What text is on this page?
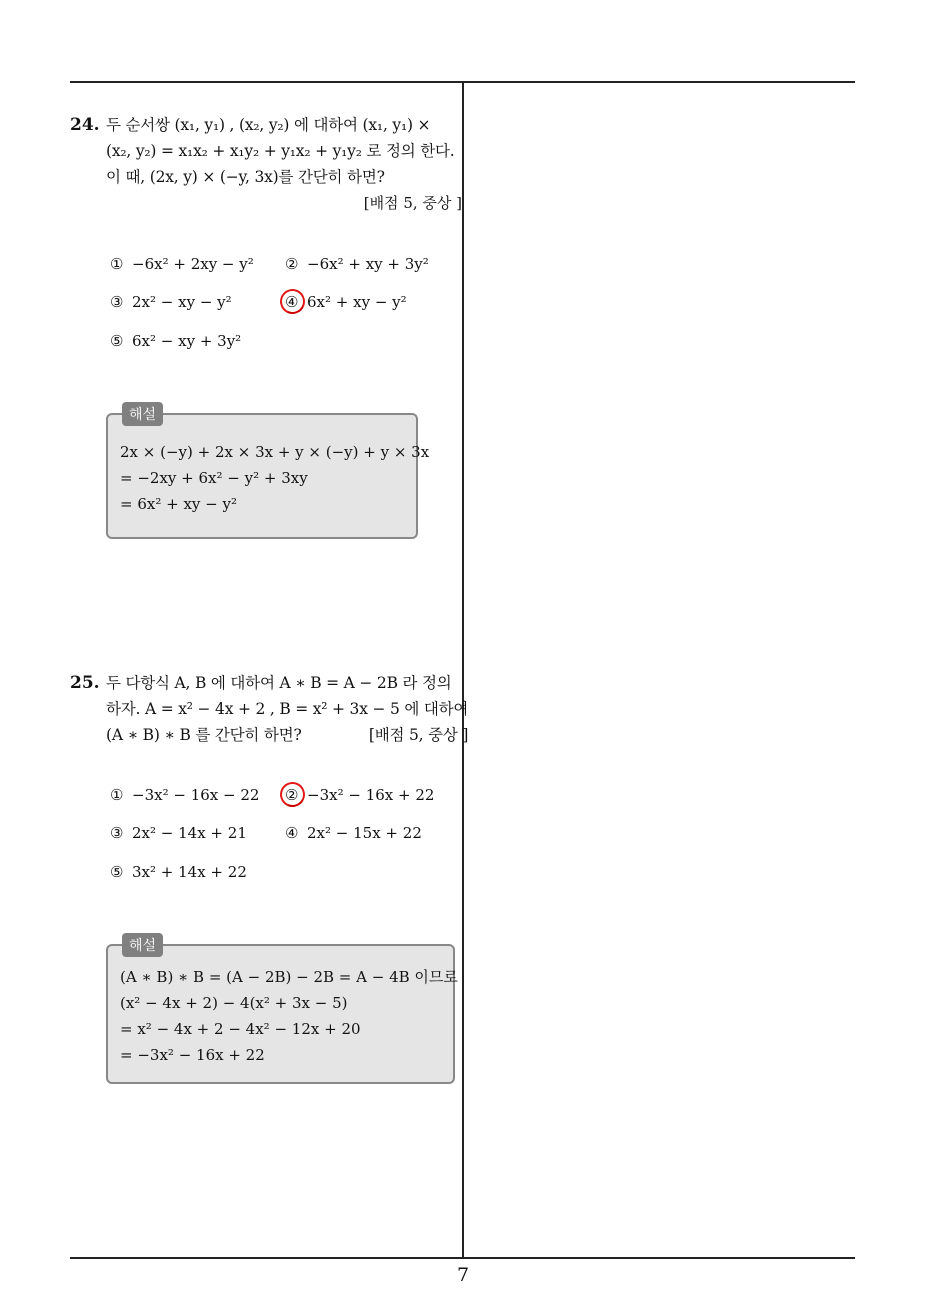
24. 두 순서쌍 (x₁, y₁) , (x₂, y₂) 에 대하여 (x₁, y₁) ×
(x₂, y₂) = x₁x₂ + x₁y₂ + y₁x₂ + y₁y₂ 로 정의 한다.
이 때, (2x, y) × (−y, 3x)를 간단히 하면?
[배점 5, 중상 ]
① −6x² + 2xy − y² ② −6x² + xy + 3y²
③ 2x² − xy − y²	④ 6x² + xy − y²
⑤ 6x² − xy + 3y²
해설
2x × (−y) + 2x × 3x + y × (−y) + y × 3x
= −2xy + 6x² − y² + 3xy
= 6x² + xy − y²
25. 두 다항식 A, B 에 대하여 A ∗ B = A − 2B 라 정의
하자. A = x² − 4x + 2 , B = x² + 3x − 5 에 대하여
(A ∗ B) ∗ B 를 간단히 하면?	[배점 5, 중상 ]
① −3x² − 16x − 22 ② −3x² − 16x + 22
③ 2x² − 14x + 21	④ 2x² − 15x + 22
⑤ 3x² + 14x + 22
해설
(A ∗ B) ∗ B = (A − 2B) − 2B = A − 4B 이므로
(x² − 4x + 2) − 4(x² + 3x − 5)
= x² − 4x + 2 − 4x² − 12x + 20
= −3x² − 16x + 22
7
